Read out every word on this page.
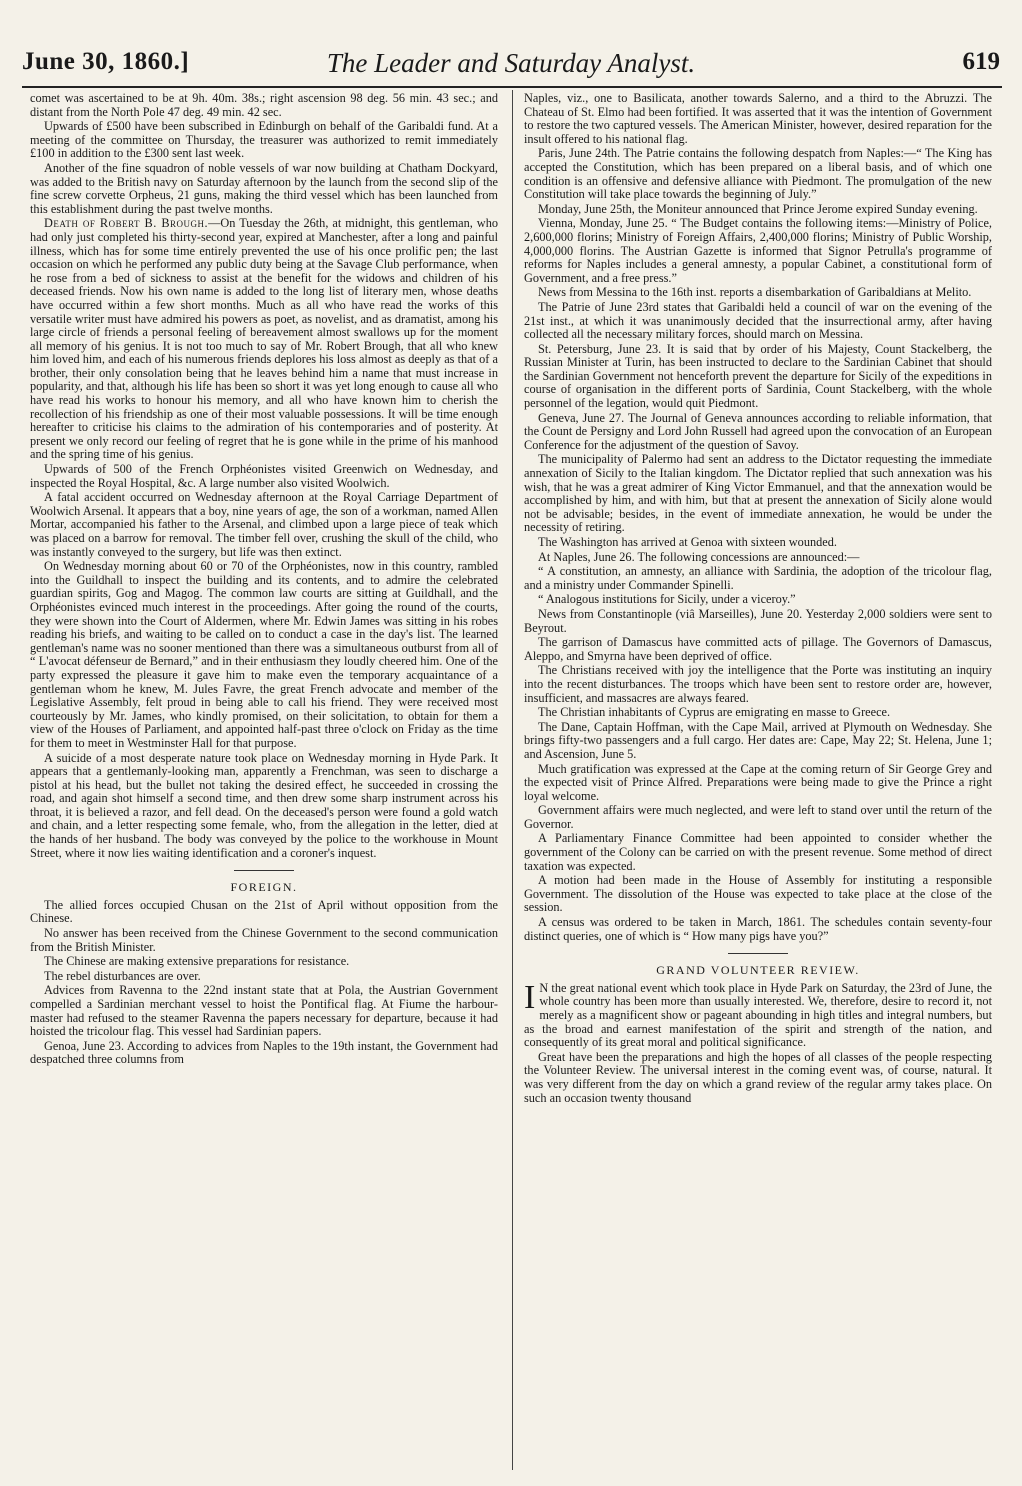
June 30, 1860.]	The Leader and Saturday Analyst.	619

comet was ascertained to be at 9h. 40m. 38s.; right ascension 98 deg. 56 min. 43 sec.; and distant from the North Pole 47 deg. 49 min. 42 sec.

Upwards of £500 have been subscribed in Edinburgh on behalf of the Garibaldi fund. At a meeting of the committee on Thursday, the treasurer was authorized to remit immediately £100 in addition to the £300 sent last week.

Another of the fine squadron of noble vessels of war now building at Chatham Dockyard, was added to the British navy on Saturday afternoon by the launch from the second slip of the fine screw corvette Orpheus, 21 guns, making the third vessel which has been launched from this establishment during the past twelve months.

Death of Robert B. Brough.—On Tuesday the 26th, at midnight, this gentleman, who had only just completed his thirty-second year, expired at Manchester, after a long and painful illness, which has for some time entirely prevented the use of his once prolific pen; the last occasion on which he performed any public duty being at the Savage Club performance, when he rose from a bed of sickness to assist at the benefit for the widows and children of his deceased friends. Now his own name is added to the long list of literary men, whose deaths have occurred within a few short months. Much as all who have read the works of this versatile writer must have admired his powers as poet, as novelist, and as dramatist, among his large circle of friends a personal feeling of bereavement almost swallows up for the moment all memory of his genius. It is not too much to say of Mr. Robert Brough, that all who knew him loved him, and each of his numerous friends deplores his loss almost as deeply as that of a brother, their only consolation being that he leaves behind him a name that must increase in popularity, and that, although his life has been so short it was yet long enough to cause all who have read his works to honour his memory, and all who have known him to cherish the recollection of his friendship as one of their most valuable possessions. It will be time enough hereafter to criticise his claims to the admiration of his contemporaries and of posterity. At present we only record our feeling of regret that he is gone while in the prime of his manhood and the spring time of his genius.

Upwards of 500 of the French Orphéonistes visited Greenwich on Wednesday, and inspected the Royal Hospital, &c. A large number also visited Woolwich.

A fatal accident occurred on Wednesday afternoon at the Royal Carriage Department of Woolwich Arsenal. It appears that a boy, nine years of age, the son of a workman, named Allen Mortar, accompanied his father to the Arsenal, and climbed upon a large piece of teak which was placed on a barrow for removal. The timber fell over, crushing the skull of the child, who was instantly conveyed to the surgery, but life was then extinct.

On Wednesday morning about 60 or 70 of the Orphéonistes, now in this country, rambled into the Guildhall to inspect the building and its contents, and to admire the celebrated guardian spirits, Gog and Magog. The common law courts are sitting at Guildhall, and the Orphéonistes evinced much interest in the proceedings. After going the round of the courts, they were shown into the Court of Aldermen, where Mr. Edwin James was sitting in his robes reading his briefs, and waiting to be called on to conduct a case in the day's list. The learned gentleman's name was no sooner mentioned than there was a simultaneous outburst from all of “ L'avocat défenseur de Bernard,” and in their enthusiasm they loudly cheered him. One of the party expressed the pleasure it gave him to make even the temporary acquaintance of a gentleman whom he knew, M. Jules Favre, the great French advocate and member of the Legislative Assembly, felt proud in being able to call his friend. They were received most courteously by Mr. James, who kindly promised, on their solicitation, to obtain for them a view of the Houses of Parliament, and appointed half-past three o'clock on Friday as the time for them to meet in Westminster Hall for that purpose.

A suicide of a most desperate nature took place on Wednesday morning in Hyde Park. It appears that a gentlemanly-looking man, apparently a Frenchman, was seen to discharge a pistol at his head, but the bullet not taking the desired effect, he succeeded in crossing the road, and again shot himself a second time, and then drew some sharp instrument across his throat, it is believed a razor, and fell dead. On the deceased's person were found a gold watch and chain, and a letter respecting some female, who, from the allegation in the letter, died at the hands of her husband. The body was conveyed by the police to the workhouse in Mount Street, where it now lies waiting identification and a coroner's inquest.

FOREIGN.

The allied forces occupied Chusan on the 21st of April without opposition from the Chinese.

No answer has been received from the Chinese Government to the second communication from the British Minister.

The Chinese are making extensive preparations for resistance.

The rebel disturbances are over.

Advices from Ravenna to the 22nd instant state that at Pola, the Austrian Government compelled a Sardinian merchant vessel to hoist the Pontifical flag. At Fiume the harbour-master had refused to the steamer Ravenna the papers necessary for departure, because it had hoisted the tricolour flag. This vessel had Sardinian papers.

Genoa, June 23. According to advices from Naples to the 19th instant, the Government had despatched three columns from

Naples, viz., one to Basilicata, another towards Salerno, and a third to the Abruzzi. The Chateau of St. Elmo had been fortified. It was asserted that it was the intention of Government to restore the two captured vessels. The American Minister, however, desired reparation for the insult offered to his national flag.

Paris, June 24th. The Patrie contains the following despatch from Naples:—“ The King has accepted the Constitution, which has been prepared on a liberal basis, and of which one condition is an offensive and defensive alliance with Piedmont. The promulgation of the new Constitution will take place towards the beginning of July.”

Monday, June 25th, the Moniteur announced that Prince Jerome expired Sunday evening.

Vienna, Monday, June 25. “ The Budget contains the following items:—Ministry of Police, 2,600,000 florins; Ministry of Foreign Affairs, 2,400,000 florins; Ministry of Public Worship, 4,000,000 florins. The Austrian Gazette is informed that Signor Petrulla's programme of reforms for Naples includes a general amnesty, a popular Cabinet, a constitutional form of Government, and a free press.”

News from Messina to the 16th inst. reports a disembarkation of Garibaldians at Melito.

The Patrie of June 23rd states that Garibaldi held a council of war on the evening of the 21st inst., at which it was unanimously decided that the insurrectional army, after having collected all the necessary military forces, should march on Messina.

St. Petersburg, June 23. It is said that by order of his Majesty, Count Stackelberg, the Russian Minister at Turin, has been instructed to declare to the Sardinian Cabinet that should the Sardinian Government not henceforth prevent the departure for Sicily of the expeditions in course of organisation in the different ports of Sardinia, Count Stackelberg, with the whole personnel of the legation, would quit Piedmont.

Geneva, June 27. The Journal of Geneva announces according to reliable information, that the Count de Persigny and Lord John Russell had agreed upon the convocation of an European Conference for the adjustment of the question of Savoy.

The municipality of Palermo had sent an address to the Dictator requesting the immediate annexation of Sicily to the Italian kingdom. The Dictator replied that such annexation was his wish, that he was a great admirer of King Victor Emmanuel, and that the annexation would be accomplished by him, and with him, but that at present the annexation of Sicily alone would not be advisable; besides, in the event of immediate annexation, he would be under the necessity of retiring.

The Washington has arrived at Genoa with sixteen wounded.

At Naples, June 26. The following concessions are announced:—

“ A constitution, an amnesty, an alliance with Sardinia, the adoption of the tricolour flag, and a ministry under Commander Spinelli.

“ Analogous institutions for Sicily, under a viceroy.”

News from Constantinople (viâ Marseilles), June 20. Yesterday 2,000 soldiers were sent to Beyrout.

The garrison of Damascus have committed acts of pillage. The Governors of Damascus, Aleppo, and Smyrna have been deprived of office.

The Christians received with joy the intelligence that the Porte was instituting an inquiry into the recent disturbances. The troops which have been sent to restore order are, however, insufficient, and massacres are always feared.

The Christian inhabitants of Cyprus are emigrating en masse to Greece.

The Dane, Captain Hoffman, with the Cape Mail, arrived at Plymouth on Wednesday. She brings fifty-two passengers and a full cargo. Her dates are: Cape, May 22; St. Helena, June 1; and Ascension, June 5.

Much gratification was expressed at the Cape at the coming return of Sir George Grey and the expected visit of Prince Alfred. Preparations were being made to give the Prince a right loyal welcome.

Government affairs were much neglected, and were left to stand over until the return of the Governor.

A Parliamentary Finance Committee had been appointed to consider whether the government of the Colony can be carried on with the present revenue. Some method of direct taxation was expected.

A motion had been made in the House of Assembly for instituting a responsible Government. The dissolution of the House was expected to take place at the close of the session.

A census was ordered to be taken in March, 1861. The schedules contain seventy-four distinct queries, one of which is “ How many pigs have you?”

GRAND VOLUNTEER REVIEW.

I N the great national event which took place in Hyde Park on Saturday, the 23rd of June, the whole country has been more than usually interested. We, therefore, desire to record it, not merely as a magnificent show or pageant abounding in high titles and integral numbers, but as the broad and earnest manifestation of the spirit and strength of the nation, and consequently of its great moral and political significance.

Great have been the preparations and high the hopes of all classes of the people respecting the Volunteer Review. The universal interest in the coming event was, of course, natural. It was very different from the day on which a grand review of the regular army takes place. On such an occasion twenty thousand
